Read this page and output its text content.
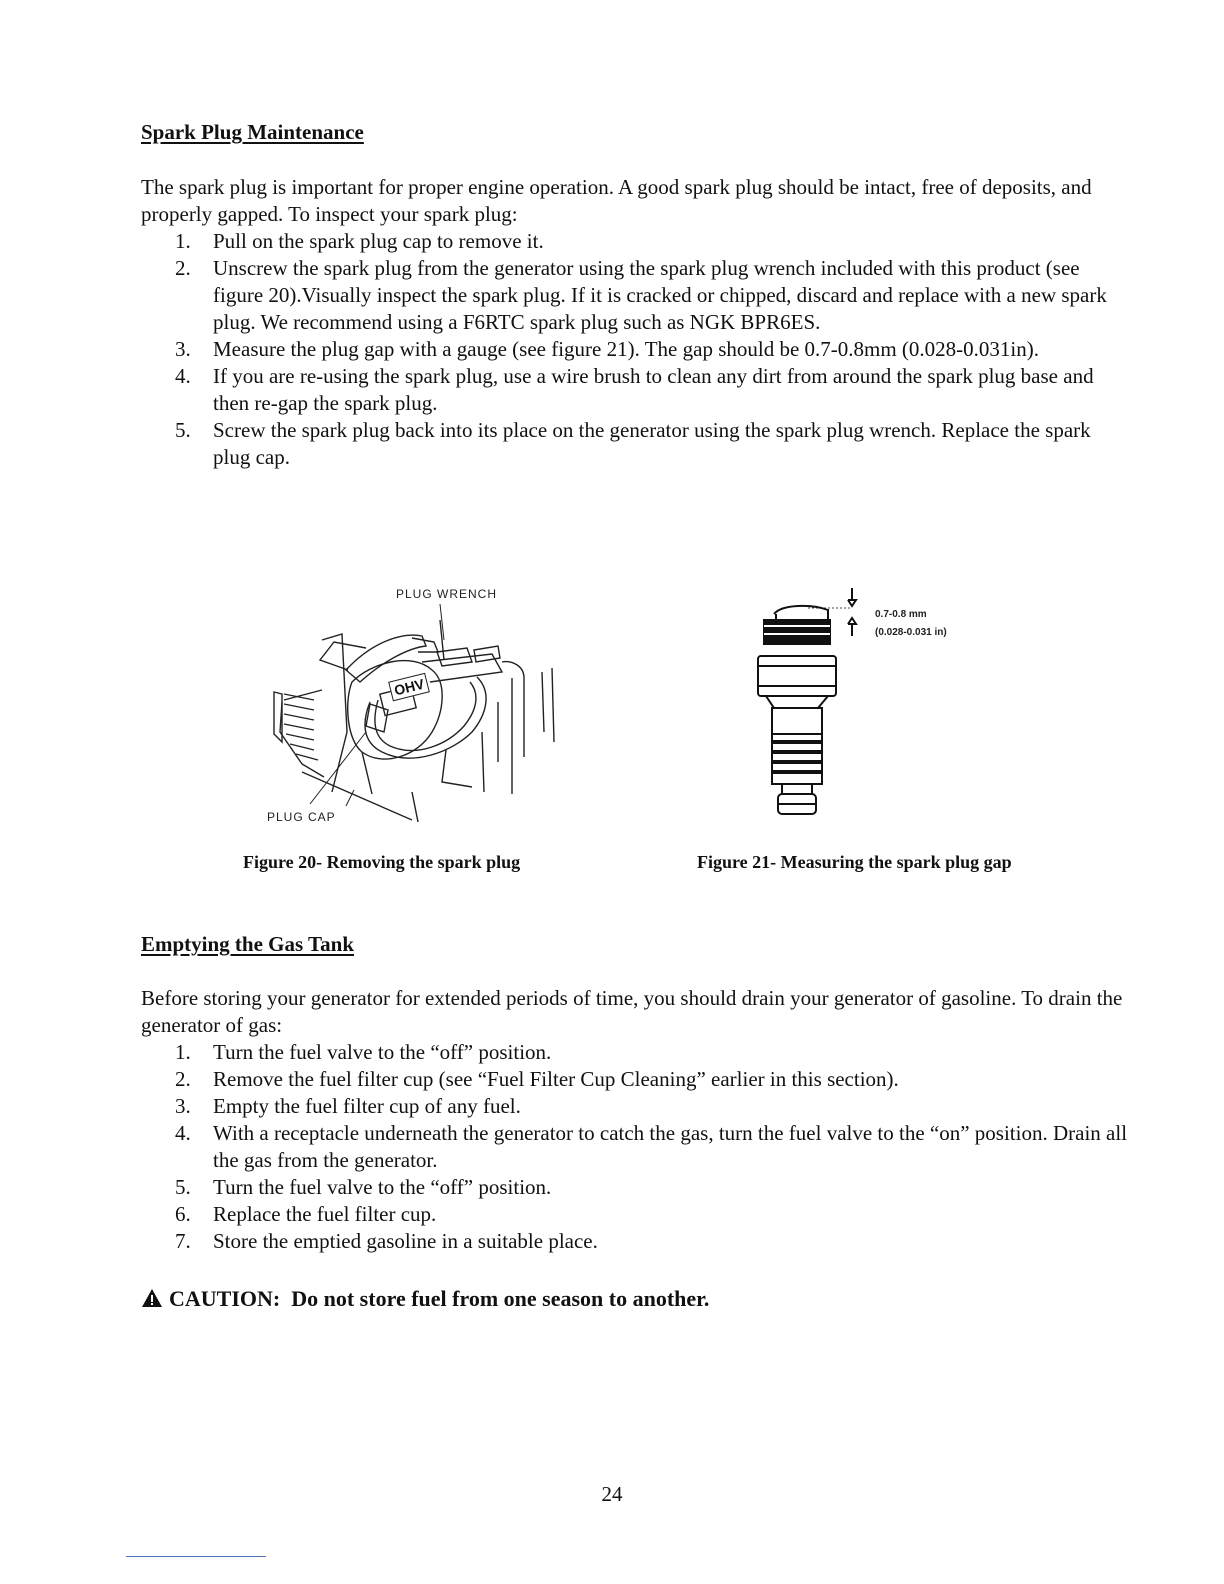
Spark Plug Maintenance

The spark plug is important for proper engine operation. A good spark plug should be intact, free of deposits, and properly gapped. To inspect your spark plug:

1.	Pull on the spark plug cap to remove it.
2.	Unscrew the spark plug from the generator using the spark plug wrench included with this product (see figure 20).Visually inspect the spark plug. If it is cracked or chipped, discard and replace with a new spark plug. We recommend using a F6RTC spark plug such as NGK BPR6ES.
3.	Measure the plug gap with a gauge (see figure 21). The gap should be 0.7-0.8mm (0.028-0.031in).
4.	If you are re-using the spark plug, use a wire brush to clean any dirt from around the spark plug base and then re-gap the spark plug.
5.	Screw the spark plug back into its place on the generator using the spark plug wrench. Replace the spark plug cap.
OHV
PLUG WRENCH
PLUG CAP
Figure 20- Removing the spark plug
0.7-0.8 mm
(0.028-0.031 in)
Figure 21- Measuring the spark plug gap
Emptying the Gas Tank

Before storing your generator for extended periods of time, you should drain your generator of gasoline. To drain the generator of gas:

1.	Turn the fuel valve to the “off” position.
2.	Remove the fuel filter cup (see “Fuel Filter Cup Cleaning” earlier in this section).
3.	Empty the fuel filter cup of any fuel.
4.	With a receptacle underneath the generator to catch the gas, turn the fuel valve to the “on” position. Drain all the gas from the generator.
5.	Turn the fuel valve to the “off” position.
6.	Replace the fuel filter cup.
7.	Store the emptied gasoline in a suitable place.

CAUTION: Do not store fuel from one season to another.

24
